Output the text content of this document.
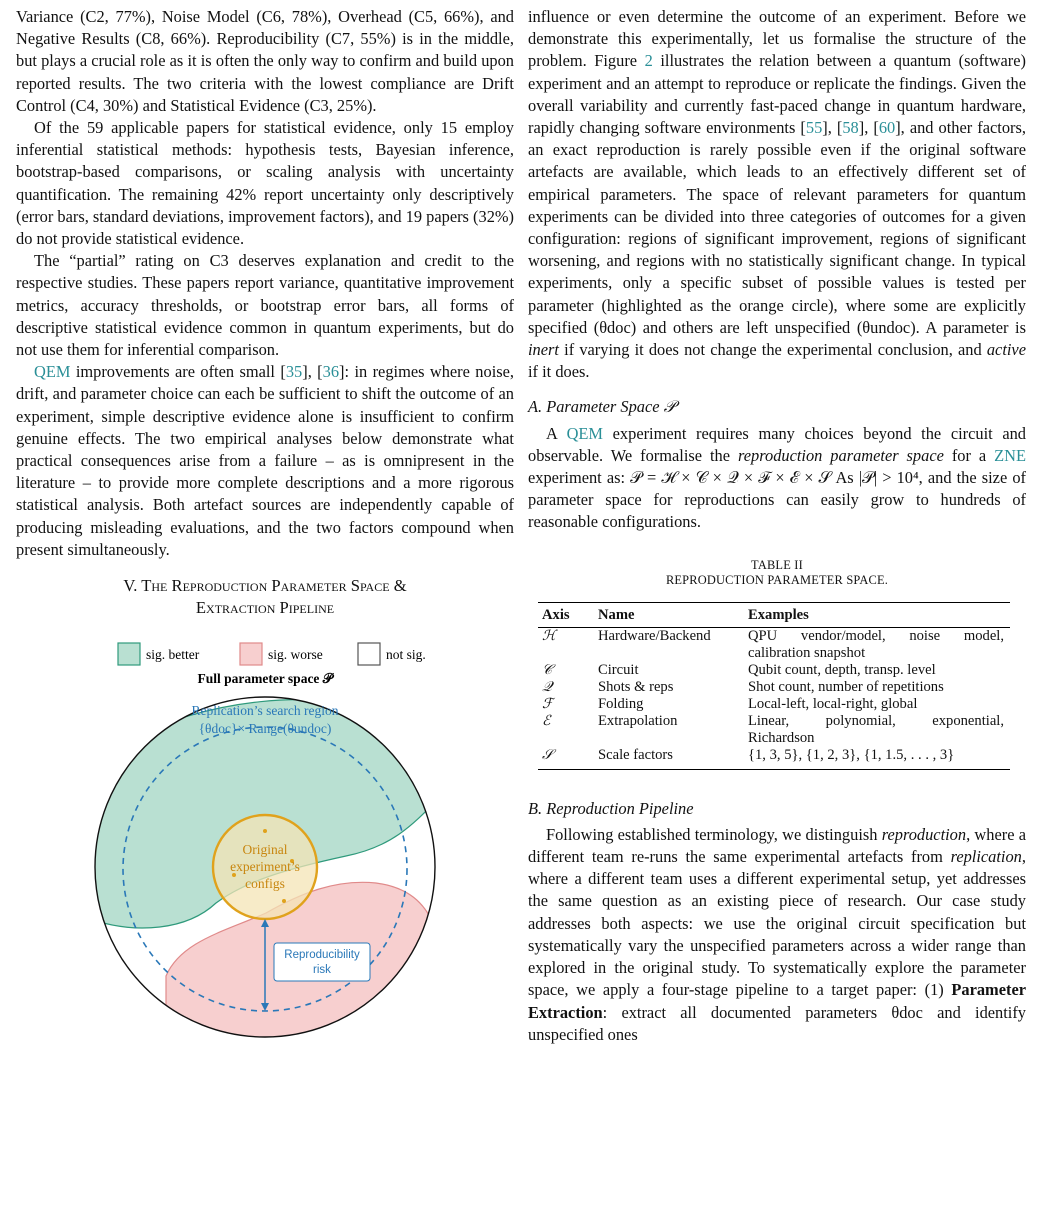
Variance (C2, 77%), Noise Model (C6, 78%), Overhead (C5, 66%), and Negative Results (C8, 66%). Reproducibility (C7, 55%) is in the middle, but plays a crucial role as it is often the only way to confirm and build upon reported results. The two criteria with the lowest compliance are Drift Control (C4, 30%) and Statistical Evidence (C3, 25%).

Of the 59 applicable papers for statistical evidence, only 15 employ inferential statistical methods: hypothesis tests, Bayesian inference, bootstrap-based comparisons, or scaling analysis with uncertainty quantification. The remaining 42% report uncertainty only descriptively (error bars, standard deviations, improvement factors), and 19 papers (32%) do not provide statistical evidence.

The “partial” rating on C3 deserves explanation and credit to the respective studies. These papers report variance, quantitative improvement metrics, accuracy thresholds, or bootstrap error bars, all forms of descriptive statistical evidence common in quantum experiments, but do not use them for inferential comparison.

QEM improvements are often small [35], [36]: in regimes where noise, drift, and parameter choice can each be sufficient to shift the outcome of an experiment, simple descriptive evidence alone is insufficient to confirm genuine effects. The two empirical analyses below demonstrate what practical consequences arise from a failure – as is omnipresent in the literature – to provide more complete descriptions and a more rigorous statistical analysis. Both artefact sources are independently capable of producing misleading evaluations, and the two factors compound when present simultaneously.

V. The Reproduction Parameter Space &
Extraction Pipeline
sig. better	sig. worse	not sig.
Full parameter space 𝒫
Replication’s search region
{θdoc}× Range(θundoc)
Original
experiment’s
configs
Reproducibility
risk

influence or even determine the outcome of an experiment. Before we demonstrate this experimentally, let us formalise the structure of the problem. Figure 2 illustrates the relation between a quantum (software) experiment and an attempt to reproduce or replicate the findings. Given the overall variability and currently fast-paced change in quantum hardware, rapidly changing software environments [55], [58], [60], and other factors, an exact reproduction is rarely possible even if the original software artefacts are available, which leads to an effectively different set of empirical parameters. The space of relevant parameters for quantum experiments can be divided into three categories of outcomes for a given configuration: regions of significant improvement, regions of significant worsening, and regions with no statistically significant change. In typical experiments, only a specific subset of possible values is tested per parameter (highlighted as the orange circle), where some are explicitly specified (θdoc) and others are left unspecified (θundoc). A parameter is inert if varying it does not change the experimental conclusion, and active if it does.

A. Parameter Space 𝒫

A QEM experiment requires many choices beyond the circuit and observable. We formalise the reproduction parameter space for a ZNE experiment as: 𝒫 = ℋ × 𝒞 × 𝒬 × ℱ × ℰ × 𝒮 As |𝒫| > 10⁴, and the size of parameter space for reproductions can easily grow to hundreds of reasonable configurations.

TABLE II
REPRODUCTION PARAMETER SPACE.
Axis	Name	Examples
ℋ	Hardware/Backend	QPU vendor/model, noise model, calibration snapshot
𝒞	Circuit	Qubit count, depth, transp. level
𝒬	Shots & reps	Shot count, number of repetitions
ℱ	Folding	Local-left, local-right, global
ℰ	Extrapolation	Linear, polynomial, exponential, Richardson
𝒮	Scale factors	{1, 3, 5}, {1, 2, 3}, {1, 1.5, . . . , 3}

B. Reproduction Pipeline

Following established terminology, we distinguish reproduction, where a different team re-runs the same experimental artefacts from replication, where a different team uses a different experimental setup, yet addresses the same question as an existing piece of research. Our case study addresses both aspects: we use the original circuit specification but systematically vary the unspecified parameters across a wider range than explored in the original study. To systematically explore the parameter space, we apply a four-stage pipeline to a target paper: (1) Parameter Extraction: extract all documented parameters θdoc and identify unspecified ones
